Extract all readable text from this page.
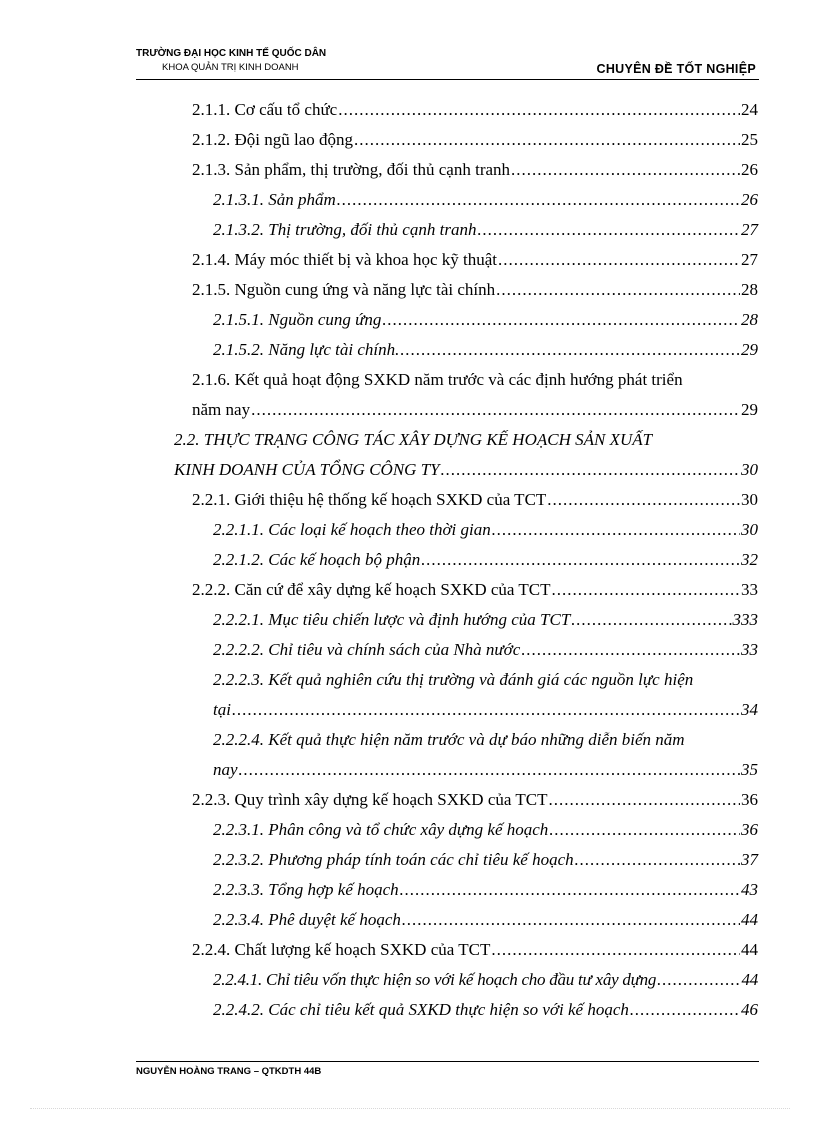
TRƯỜNG ĐẠI HỌC KINH TẾ QUỐC DÂN
KHOA QUẢN TRỊ KINH DOANH	CHUYÊN ĐỀ TỐT NGHIỆP
2.1.1. Cơ cấu tổ chức .....	24
2.1.2. Đội ngũ lao động .....	25
2.1.3. Sản phẩm, thị trường, đối thủ cạnh tranh .....	26
2.1.3.1. Sản phẩm .....	26
2.1.3.2. Thị trường, đối thủ cạnh tranh .....	27
2.1.4. Máy móc thiết bị và khoa học kỹ thuật .....	27
2.1.5. Nguồn cung ứng và năng lực tài chính .....	28
2.1.5.1. Nguồn cung ứng .....	28
2.1.5.2. Năng lực tài chính. .....	29
2.1.6. Kết quả hoạt động SXKD năm trước và các định hướng phát triển
năm nay .....	29
2.2. THỰC TRẠNG CÔNG TÁC XÂY DỰNG KẾ HOẠCH SẢN XUẤT
KINH DOANH CỦA TỔNG CÔNG TY .....	30
2.2.1. Giới thiệu hệ thống kế hoạch SXKD của TCT .....	30
2.2.1.1. Các loại kế hoạch theo thời gian .....	30
2.2.1.2. Các kế hoạch bộ phận .....	32
2.2.2. Căn cứ để xây dựng kế hoạch SXKD của TCT .....	33
2.2.2.1. Mục tiêu chiến lược và định hướng của TCT .....	333
2.2.2.2. Chỉ tiêu và chính sách của Nhà nước .....	33
2.2.2.3. Kết quả nghiên cứu thị trường và đánh giá các nguồn lực hiện
tại .....	34
2.2.2.4. Kết quả thực hiện năm trước và dự báo những diễn biến năm
nay .....	35
2.2.3. Quy trình xây dựng kế hoạch SXKD của TCT .....	36
2.2.3.1. Phân công và tổ chức xây dựng kế hoạch .....	36
2.2.3.2. Phương pháp tính toán các chỉ tiêu kế hoạch .....	37
2.2.3.3. Tổng hợp kế hoạch .....	43
2.2.3.4. Phê duyệt kế hoạch .....	44
2.2.4. Chất lượng kế hoạch SXKD của TCT .....	44
2.2.4.1. Chỉ tiêu vốn thực hiện so với kế hoạch cho đầu tư xây dựng .....	44
2.2.4.2. Các chỉ tiêu kết quả SXKD thực hiện so với kế hoạch .....	46
NGUYỄN HOÀNG TRANG – QTKDTH 44B
